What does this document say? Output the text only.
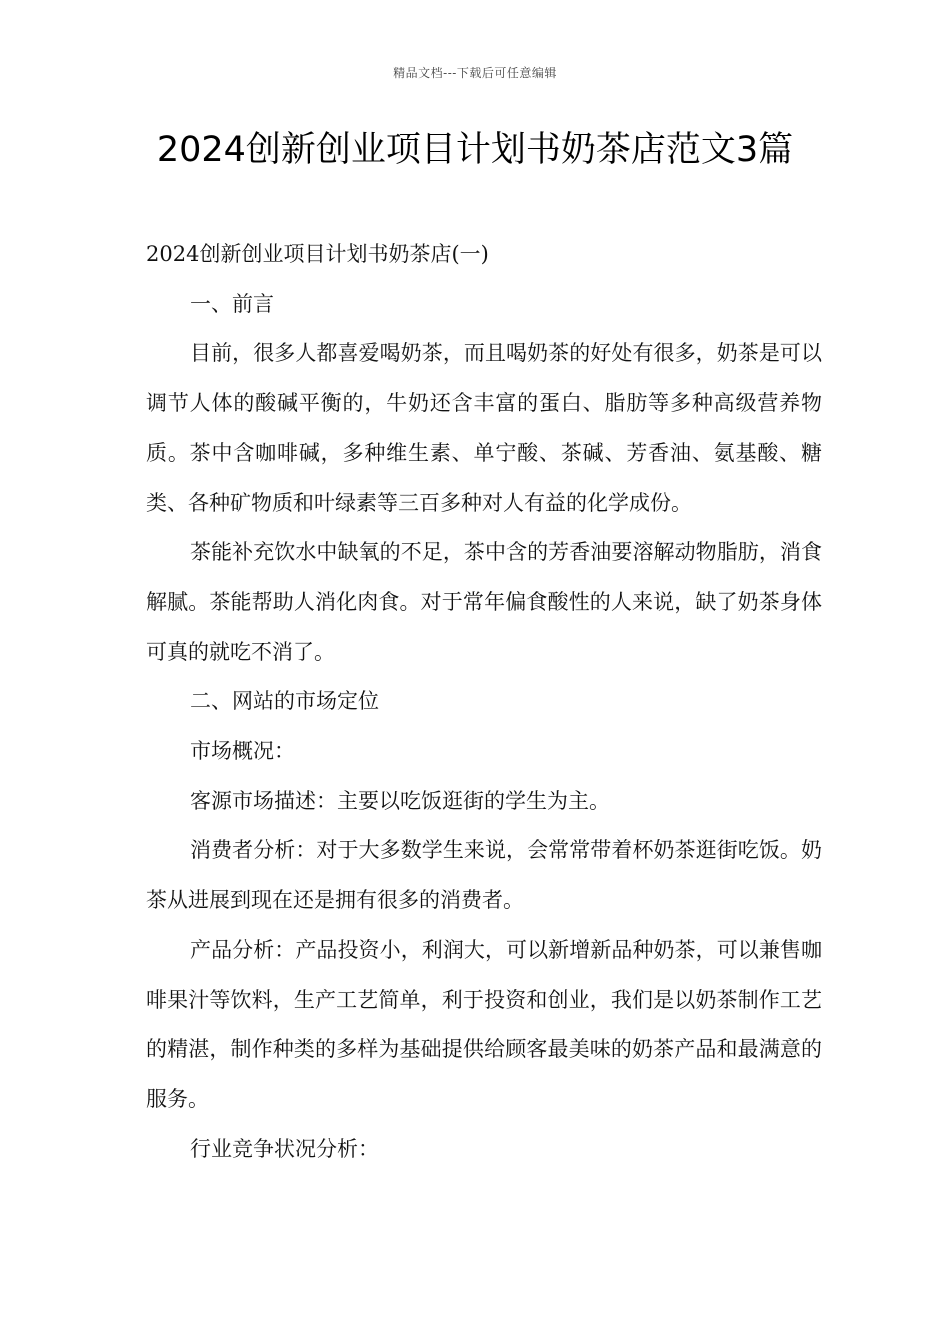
精品文档---下载后可任意编辑
2024创新创业项目计划书奶茶店范文3篇

2024创新创业项目计划书奶茶店(一)

一、前言

目前，很多人都喜爱喝奶茶，而且喝奶茶的好处有很多，奶茶是可以调节人体的酸碱平衡的，牛奶还含丰富的蛋白、脂肪等多种高级营养物质。茶中含咖啡碱，多种维生素、单宁酸、茶碱、芳香油、氨基酸、糖类、各种矿物质和叶绿素等三百多种对人有益的化学成份。

茶能补充饮水中缺氧的不足，茶中含的芳香油要溶解动物脂肪，消食解腻。茶能帮助人消化肉食。对于常年偏食酸性的人来说，缺了奶茶身体可真的就吃不消了。

二、网站的市场定位

市场概况：

客源市场描述：主要以吃饭逛街的学生为主。

消费者分析：对于大多数学生来说，会常常带着杯奶茶逛街吃饭。奶茶从进展到现在还是拥有很多的消费者。

产品分析：产品投资小，利润大，可以新增新品种奶茶，可以兼售咖啡果汁等饮料，生产工艺简单，利于投资和创业，我们是以奶茶制作工艺的精湛，制作种类的多样为基础提供给顾客最美味的奶茶产品和最满意的服务。

行业竞争状况分析：
